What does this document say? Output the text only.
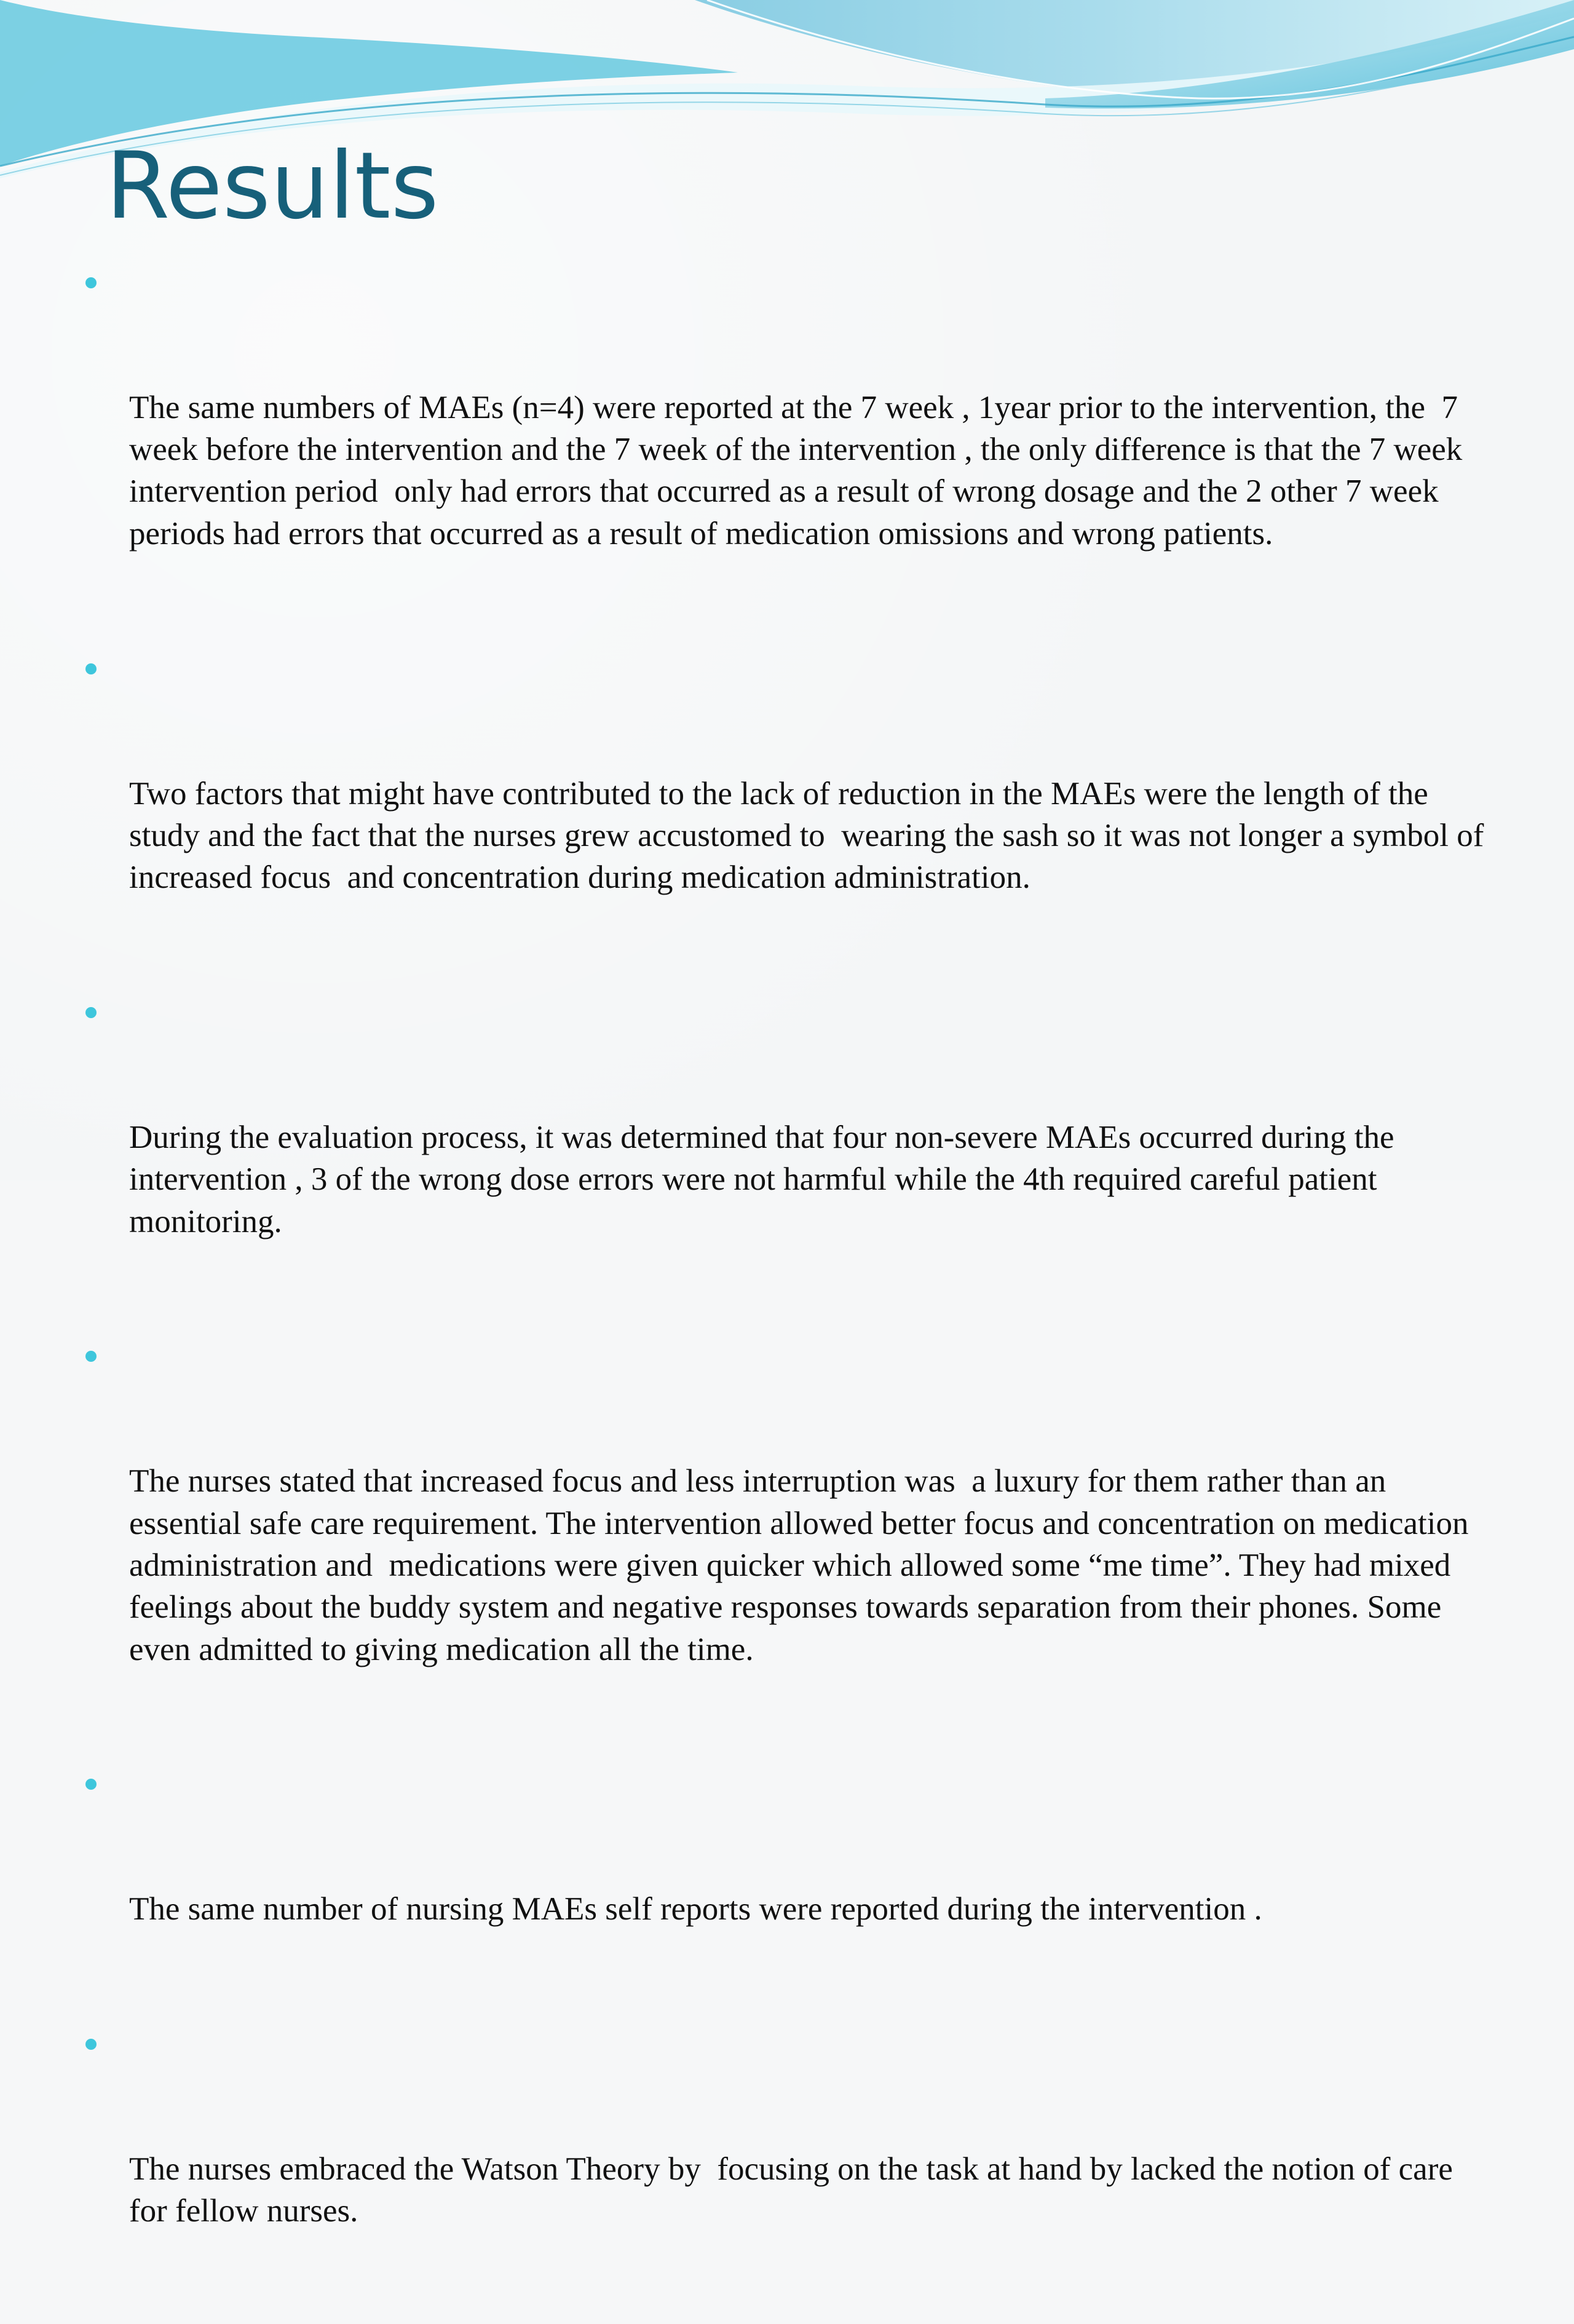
Results

The same numbers of MAEs (n=4) were reported at the 7 week , 1year prior to the intervention, the  7 week before the intervention and the 7 week of the intervention , the only difference is that the 7 week intervention period  only had errors that occurred as a result of wrong dosage and the 2 other 7 week periods had errors that occurred as a result of medication omissions and wrong patients.

Two factors that might have contributed to the lack of reduction in the MAEs were the length of the study and the fact that the nurses grew accustomed to  wearing the sash so it was not longer a symbol of increased focus  and concentration during medication administration.

During the evaluation process, it was determined that four non-severe MAEs occurred during the intervention , 3 of the wrong dose errors were not harmful while the 4th required careful patient monitoring.

The nurses stated that increased focus and less interruption was  a luxury for them rather than an essential safe care requirement. The intervention allowed better focus and concentration on medication administration and  medications were given quicker which allowed some “me time”. They had mixed feelings about the buddy system and negative responses towards separation from their phones. Some even admitted to giving medication all the time.

The same number of nursing MAEs self reports were reported during the intervention .

The nurses embraced the Watson Theory by  focusing on the task at hand by lacked the notion of care for fellow nurses.
